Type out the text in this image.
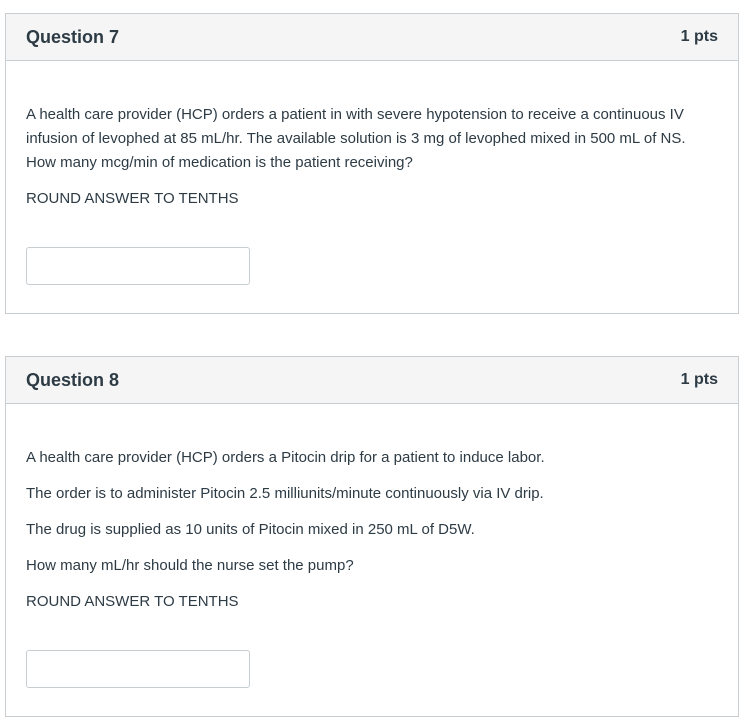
Question 7	1 pts

A health care provider (HCP) orders a patient in with severe hypotension to receive a continuous IV infusion of levophed at 85 mL/hr. The available solution is 3 mg of levophed mixed in 500 mL of NS. How many mcg/min of medication is the patient receiving?

ROUND ANSWER TO TENTHS

Question 8	1 pts

A health care provider (HCP) orders a Pitocin drip for a patient to induce labor.

The order is to administer Pitocin 2.5 milliunits/minute continuously via IV drip.

The drug is supplied as 10 units of Pitocin mixed in 250 mL of D5W.

How many mL/hr should the nurse set the pump?

ROUND ANSWER TO TENTHS
